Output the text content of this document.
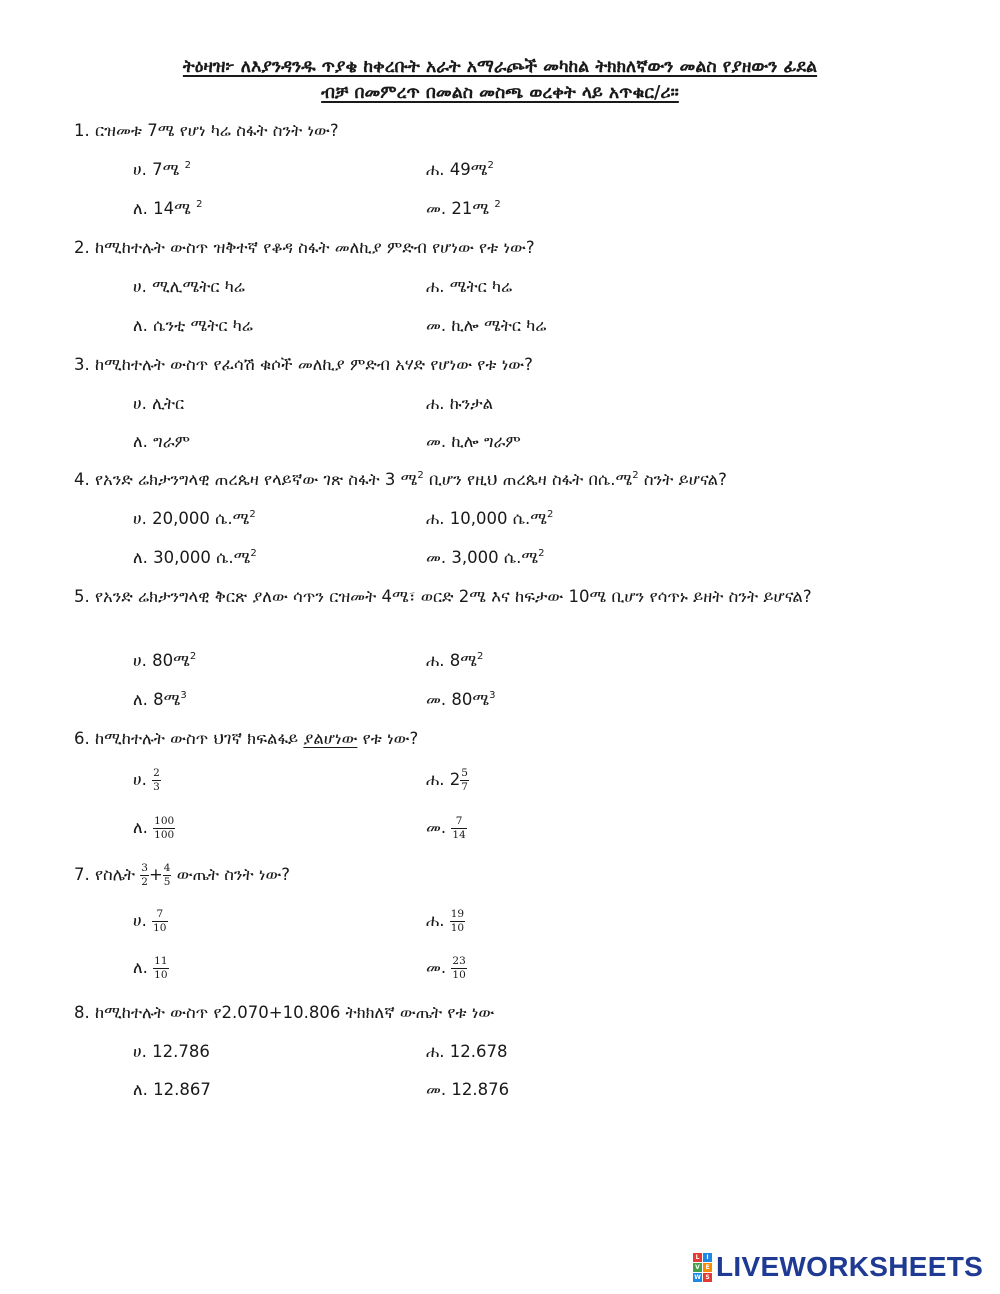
ትዕዛዝ፦ ለእያንዳንዱ ጥያቄ ከቀረቡት አራት አማራጮች መካከል ትክክለኛውን መልስ የያዘውን ፊደል
ብቻ በመምረጥ በመልስ መስጫ ወረቀት ላይ አጥቁር/ሪ።
1. ርዝመቱ 7ሜ የሆነ ካሬ ስፋት ስንት ነው?
ሀ. 7ሜ $^2$	ሐ. 49ሜ$^2$
ለ. 14ሜ $^2$	መ. 21ሜ $^2$
2. ከሚከተሉት ውስጥ ዝቅተኛ የቆዳ ስፋት መለኪያ ምድብ የሆነው የቱ ነው?
ሀ. ሚሊሜትር ካሬ	ሐ. ሜትር ካሬ
ለ. ሴንቲ ሜትር ካሬ	መ. ኪሎ ሜትር ካሬ
3. ከሚከተሉት ውስጥ የፈሳሽ ቁሶች መለኪያ ምድብ አሃድ የሆነው የቱ ነው?
ሀ. ሊትር	ሐ. ኩንታል
ለ. ግራም	መ. ኪሎ ግራም
4. የአንድ ሬክታንግላዊ ጠረጴዛ የላይኛው ገጽ ስፋት 3 ሜ$^2$ ቢሆን የዚህ ጠረጴዛ ስፋት በሴ.ሜ$^2$ ስንት ይሆናል?
ሀ. 20,000 ሴ.ሜ$^2$	ሐ. 10,000 ሴ.ሜ$^2$
ለ. 30,000 ሴ.ሜ$^2$	መ. 3,000 ሴ.ሜ$^2$
5. የአንድ ሬክታንግላዊ ቅርጽ ያለው ሳጥን ርዝመት 4ሜ፣ ወርድ 2ሜ እና ከፍታው 10ሜ ቢሆን የሳጥኑ ይዘት ስንት ይሆናል?
ሀ. 80ሜ$^2$	ሐ. 8ሜ$^2$
ለ. 8ሜ$^3$	መ. 80ሜ$^3$
6. ከሚከተሉት ውስጥ ህገኛ ክፍልፋይ ያልሆነው የቱ ነው?
ሀ. $\frac{2}{3}$	ሐ. $2 \frac{5}{7}$
ለ. $\frac{100}{100}$	መ. $\frac{7}{14}$
7. የስሌት $\frac{3}{2} + \frac{4}{5}$ ውጤት ስንት ነው?
ሀ. $\frac{7}{10}$	ሐ. $\frac{19}{10}$
ለ. $\frac{11}{10}$	መ. $\frac{23}{10}$
8. ከሚከተሉት ውስጥ የ2.070+10.806 ትክክለኛ ውጤት የቱ ነው
ሀ. 12.786	ሐ. 12.678
ለ. 12.867	መ. 12.876
L	I
V E
W S LIVEWORKSHEETS
